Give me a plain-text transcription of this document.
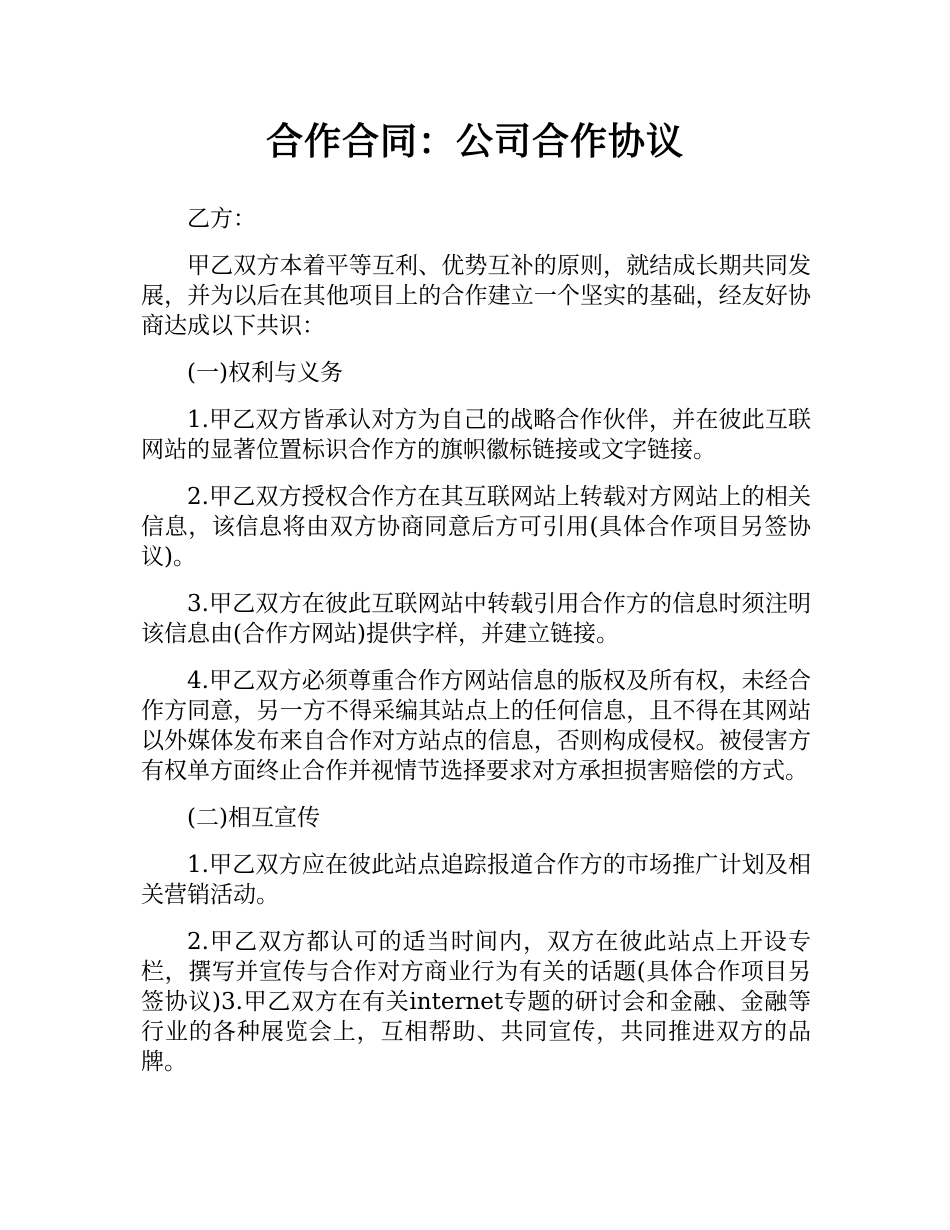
合作合同：公司合作协议

乙方：

甲乙双方本着平等互利、优势互补的原则，就结成长期共同发展，并为以后在其他项目上的合作建立一个坚实的基础，经友好协商达成以下共识：

(一)权利与义务

1.甲乙双方皆承认对方为自己的战略合作伙伴，并在彼此互联网站的显著位置标识合作方的旗帜徽标链接或文字链接。

2.甲乙双方授权合作方在其互联网站上转载对方网站上的相关信息，该信息将由双方协商同意后方可引用(具体合作项目另签协议)。

3.甲乙双方在彼此互联网站中转载引用合作方的信息时须注明该信息由(合作方网站)提供字样，并建立链接。

4.甲乙双方必须尊重合作方网站信息的版权及所有权，未经合作方同意，另一方不得采编其站点上的任何信息，且不得在其网站以外媒体发布来自合作对方站点的信息，否则构成侵权。被侵害方有权单方面终止合作并视情节选择要求对方承担损害赔偿的方式。

(二)相互宣传

1.甲乙双方应在彼此站点追踪报道合作方的市场推广计划及相关营销活动。

2.甲乙双方都认可的适当时间内，双方在彼此站点上开设专栏，撰写并宣传与合作对方商业行为有关的话题(具体合作项目另签协议)3.甲乙双方在有关internet专题的研讨会和金融、金融等行业的各种展览会上，互相帮助、共同宣传，共同推进双方的品牌。
